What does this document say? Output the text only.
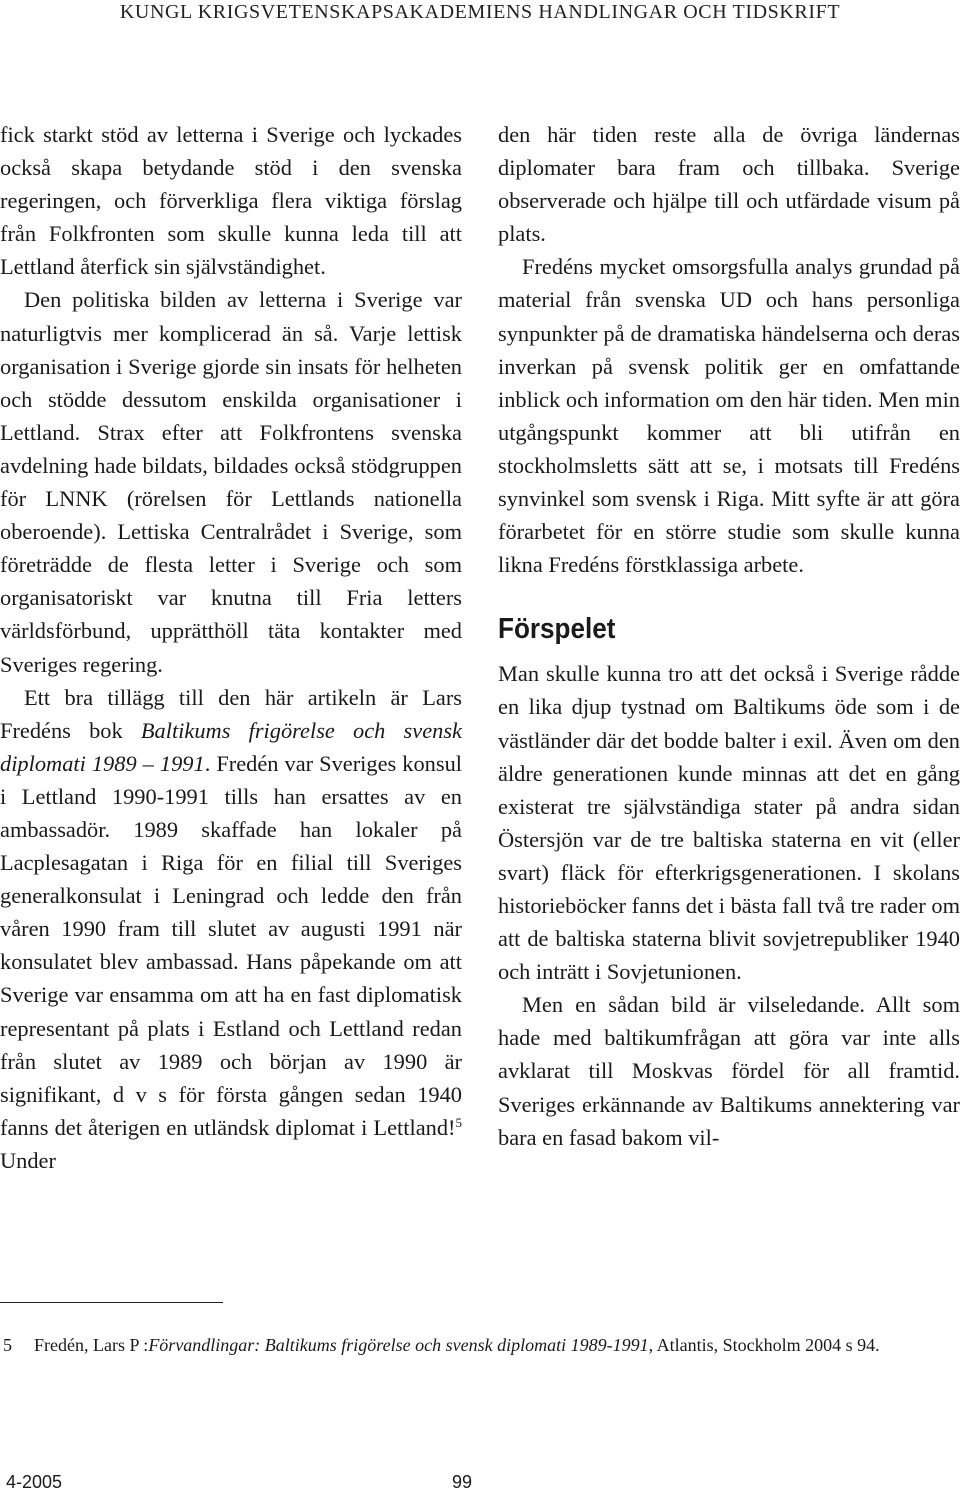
KUNGL KRIGSVETENSKAPSAKADEMIENS HANDLINGAR OCH TIDSKRIFT

fick starkt stöd av letterna i Sverige och lyckades också skapa betydande stöd i den svenska regeringen, och förverkliga flera viktiga förslag från Folkfronten som skulle kunna leda till att Lettland återfick sin självständighet.

Den politiska bilden av letterna i Sverige var naturligtvis mer komplicerad än så. Varje lettisk organisation i Sverige gjorde sin insats för helheten och stödde dessutom enskilda organisationer i Lettland. Strax efter att Folkfrontens svenska avdelning hade bildats, bildades också stödgruppen för LNNK (rörelsen för Lettlands nationella oberoende). Lettiska Centralrådet i Sverige, som företrädde de flesta letter i Sverige och som organisatoriskt var knutna till Fria letters världsförbund, upprätthöll täta kontakter med Sveriges regering.

Ett bra tillägg till den här artikeln är Lars Fredéns bok Baltikums frigörelse och svensk diplomati 1989 – 1991. Fredén var Sveriges konsul i Lettland 1990-1991 tills han ersattes av en ambassadör. 1989 skaffade han lokaler på Lacplesagatan i Riga för en filial till Sveriges generalkonsulat i Leningrad och ledde den från våren 1990 fram till slutet av augusti 1991 när konsulatet blev ambassad. Hans påpekande om att Sverige var ensamma om att ha en fast diplomatisk representant på plats i Estland och Lettland redan från slutet av 1989 och början av 1990 är signifikant, d v s för första gången sedan 1940 fanns det återigen en utländsk diplomat i Lettland!$^5$ Under

den här tiden reste alla de övriga ländernas diplomater bara fram och tillbaka. Sverige observerade och hjälpe till och utfärdade visum på plats.

Fredéns mycket omsorgsfulla analys grundad på material från svenska UD och hans personliga synpunkter på de dramatiska händelserna och deras inverkan på svensk politik ger en omfattande inblick och information om den här tiden. Men min utgångspunkt kommer att bli utifrån en stockholmsletts sätt att se, i motsats till Fredéns synvinkel som svensk i Riga. Mitt syfte är att göra förarbetet för en större studie som skulle kunna likna Fredéns förstklassiga arbete.

Förspelet

Man skulle kunna tro att det också i Sverige rådde en lika djup tystnad om Baltikums öde som i de västländer där det bodde balter i exil. Även om den äldre generationen kunde minnas att det en gång existerat tre självständiga stater på andra sidan Östersjön var de tre baltiska staterna en vit (eller svart) fläck för efterkrigsgenerationen. I skolans historieböcker fanns det i bästa fall två tre rader om att de baltiska staterna blivit sovjetrepubliker 1940 och inträtt i Sovjetunionen.

Men en sådan bild är vilseledande. Allt som hade med baltikumfrågan att göra var inte alls avklarat till Moskvas fördel för all framtid. Sveriges erkännande av Baltikums annektering var bara en fasad bakom vil-

5 Fredén, Lars P :Förvandlingar: Baltikums frigörelse och svensk diplomati 1989-1991, Atlantis, Stockholm 2004 s 94.
4-2005	99
